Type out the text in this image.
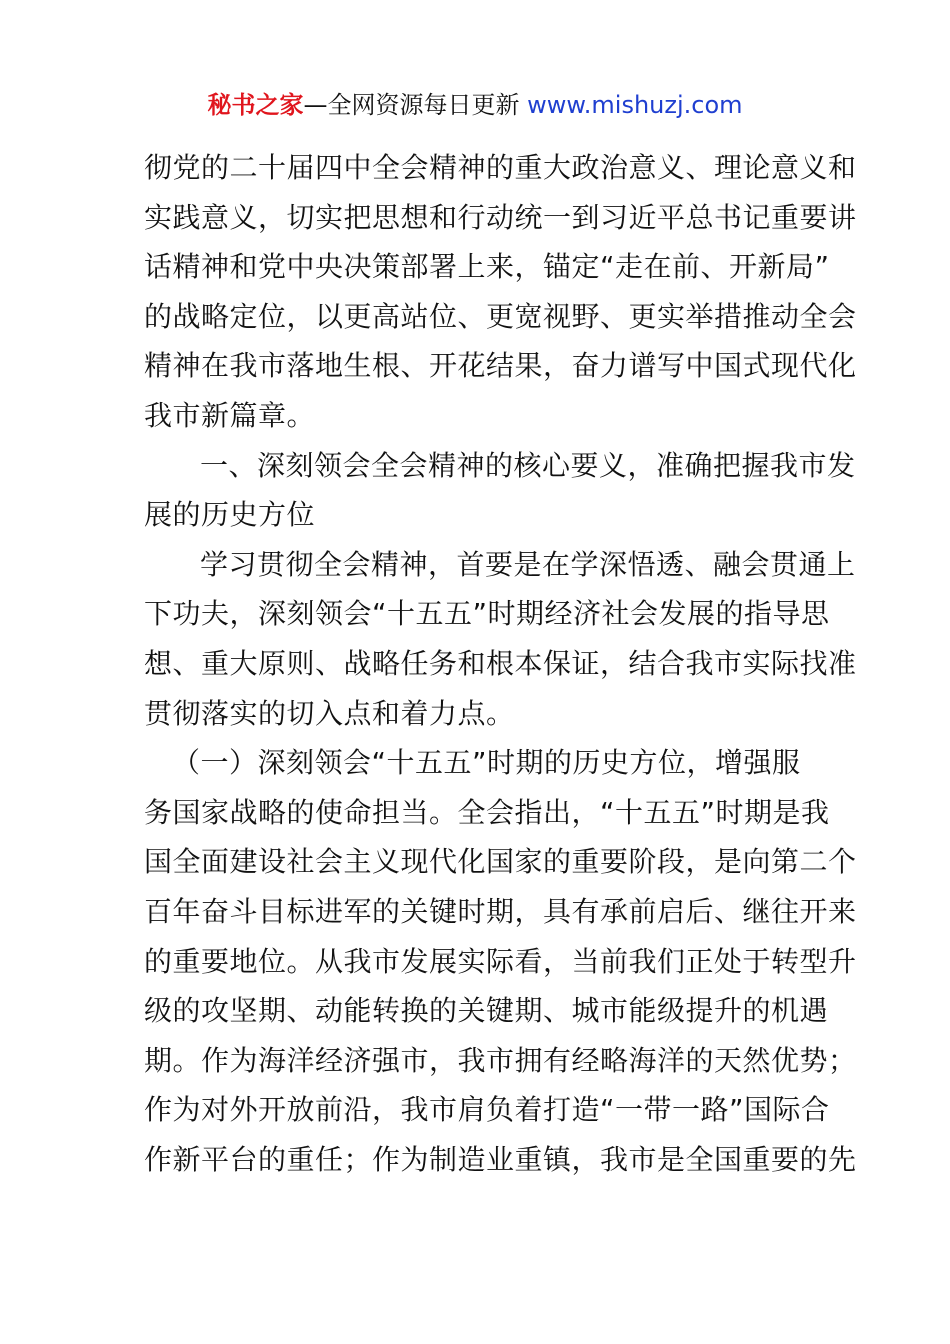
秘书之家—全网资源每日更新 www.mishuzj.com

彻党的二十届四中全会精神的重大政治意义、理论意义和
实践意义，切实把思想和行动统一到习近平总书记重要讲
话精神和党中央决策部署上来，锚定“走在前、开新局”
的战略定位，以更高站位、更宽视野、更实举措推动全会
精神在我市落地生根、开花结果，奋力谱写中国式现代化
我市新篇章。

一、深刻领会全会精神的核心要义，准确把握我市发
展的历史方位

学习贯彻全会精神，首要是在学深悟透、融会贯通上
下功夫，深刻领会“十五五”时期经济社会发展的指导思
想、重大原则、战略任务和根本保证，结合我市实际找准
贯彻落实的切入点和着力点。

（一）深刻领会“十五五”时期的历史方位，增强服
务国家战略的使命担当。全会指出，“十五五”时期是我
国全面建设社会主义现代化国家的重要阶段，是向第二个
百年奋斗目标进军的关键时期，具有承前启后、继往开来
的重要地位。从我市发展实际看，当前我们正处于转型升
级的攻坚期、动能转换的关键期、城市能级提升的机遇
期。作为海洋经济强市，我市拥有经略海洋的天然优势；
作为对外开放前沿，我市肩负着打造“一带一路”国际合
作新平台的重任；作为制造业重镇，我市是全国重要的先
